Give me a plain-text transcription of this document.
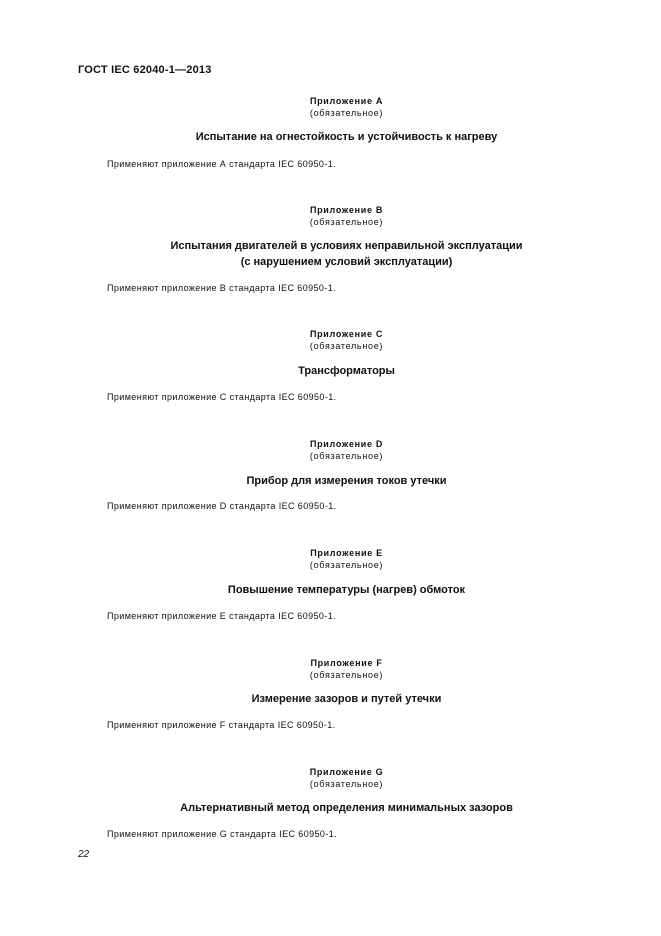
ГОСТ IEC 62040-1—2013
Приложение А
(обязательное)
Испытание на огнестойкость и устойчивость к нагреву
Применяют приложение А стандарта IEC 60950-1.
Приложение В
(обязательное)
Испытания двигателей в условиях неправильной эксплуатации
(с нарушением условий эксплуатации)
Применяют приложение В стандарта IEC 60950-1.
Приложение С
(обязательное)
Трансформаторы
Применяют приложение С стандарта IEC 60950-1.
Приложение D
(обязательное)
Прибор для измерения токов утечки
Применяют приложение D стандарта IEC 60950-1.
Приложение Е
(обязательное)
Повышение температуры (нагрев) обмоток
Применяют приложение Е стандарта IEC 60950-1.
Приложение F
(обязательное)
Измерение зазоров и путей утечки
Применяют приложение F стандарта IEC 60950-1.
Приложение G
(обязательное)
Альтернативный метод определения минимальных зазоров
Применяют приложение G стандарта IEC 60950-1.
22
